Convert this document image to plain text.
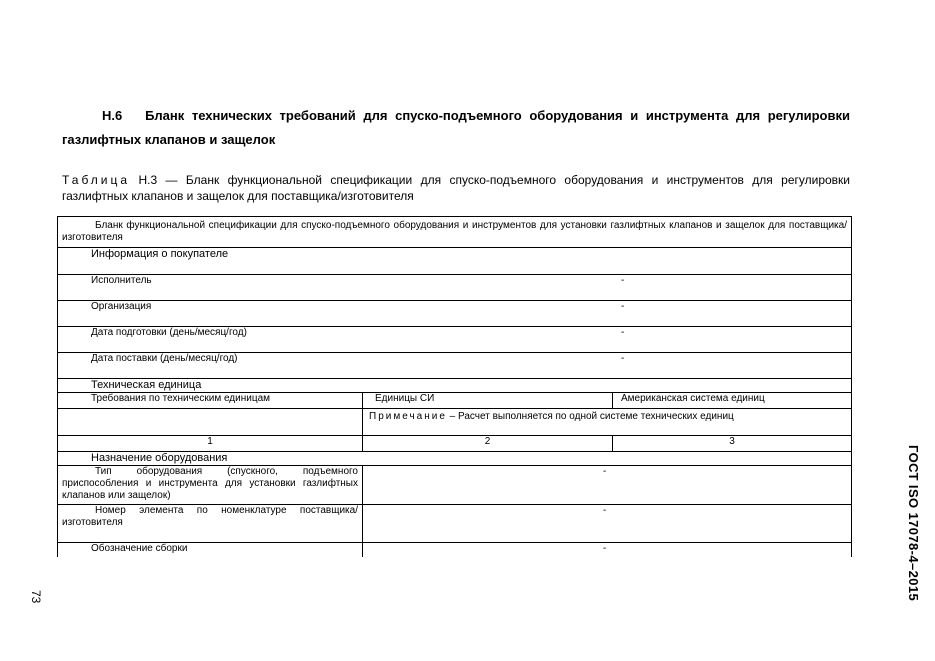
Н.6 Бланк технических требований для спуско-подъемного оборудования и инструмента для регулировки газлифтных клапанов и защелок
Таблица Н.3 — Бланк функциональной спецификации для спуско-подъемного оборудования и инструментов для регулировки газлифтных клапанов и защелок для поставщика/изготовителя
Бланк функциональной спецификации для спуско-подъемного оборудования и инструментов для установки газлифтных клапанов и защелок для поставщика/изготовителя		
Информация о покупателе		

Исполнитель -		

Организация -		

Дата подготовки (день/месяц/год) -		

Дата поставки (день/месяц/год) -		

Техническая единица		
Требования по техническим единицам	Единицы СИ	Американская система единиц
	Примечание – Расчет выполняется по одной системе технических единиц	
1	2	3
Назначение оборудования		
Тип оборудования (спускного, подъемного приспособления и инструмента для установки газлифтных клапанов или защелок)	-	
Номер элемента по номенклатуре поставщика/изготовителя	-	
Обозначение сборки	-		ГОСТ ISO 17078-4–2015
73
